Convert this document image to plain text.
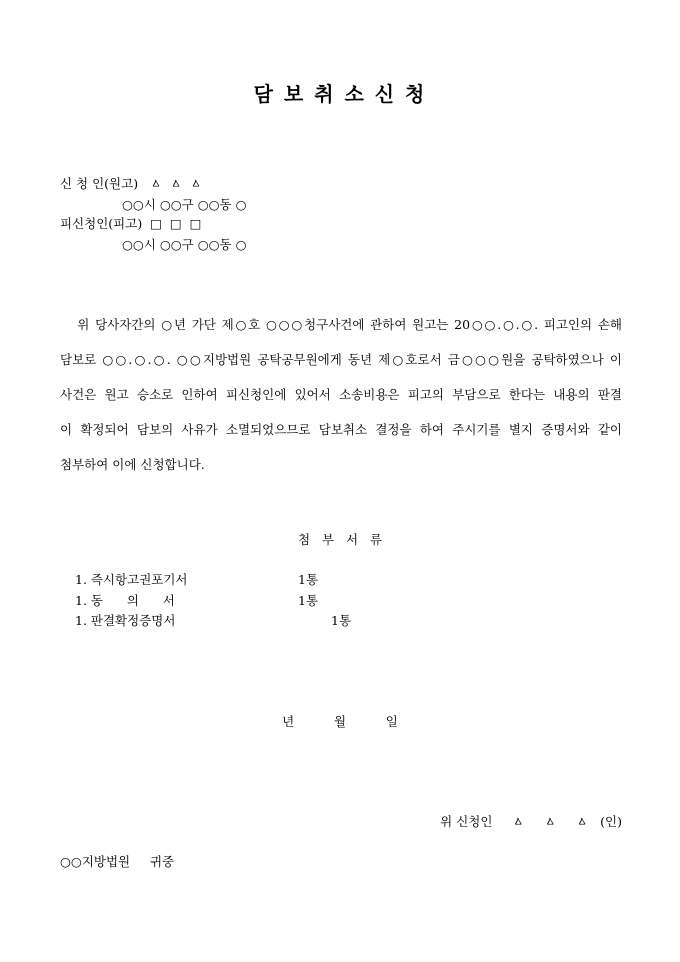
담 보 취 소 신 청
신 청 인(원고)   ㅿ  ㅿ  ㅿ
○○시 ○○구 ○○동 ○
피신청인(피고)  □  □  □
○○시 ○○구 ○○동 ○
위 당사자간의 ○년 가단 제○호 ○○○청구사건에 관하여 원고는 20○○.○.○. 피고인의 손해
담보로 ○○.○.○. ○○지방법원 공탁공무원에게 동년 제○호로서 금○○○원을 공탁하였으나 이
사건은 원고 승소로 인하여 피신청인에 있어서 소송비용은 피고의 부담으로 한다는 내용의 판결
이 확정되어 담보의 사유가 소멸되었으므로 담보취소 결정을 하여 주시기를 별지 증명서와 같이
첨부하여 이에 신청합니다.
첨   부   서   류
1. 즉시항고권포기서	1통
1. 동      의      서	1통
1. 판결확정증명서	1통
년          월          일
위 신청인     ㅿ     ㅿ     ㅿ   (인)
○○지방법원     귀중
